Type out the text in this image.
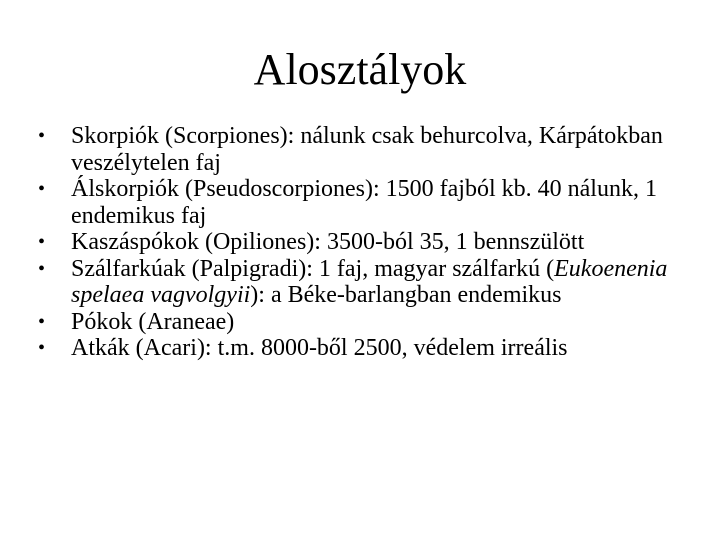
Alosztályok
• Skorpiók (Scorpiones): nálunk csak behurcolva, Kárpátokban veszélytelen faj
• Álskorpiók (Pseudoscorpiones): 1500 fajból kb. 40 nálunk, 1 endemikus faj
• Kaszáspókok (Opiliones): 3500-ból 35, 1 bennszülött
• Szálfarkúak (Palpigradi): 1 faj, magyar szálfarkú (Eukoenenia spelaea vagvolgyii): a Béke-barlangban endemikus
• Pókok (Araneae)
• Atkák (Acari): t.m. 8000-ből 2500, védelem irreális
